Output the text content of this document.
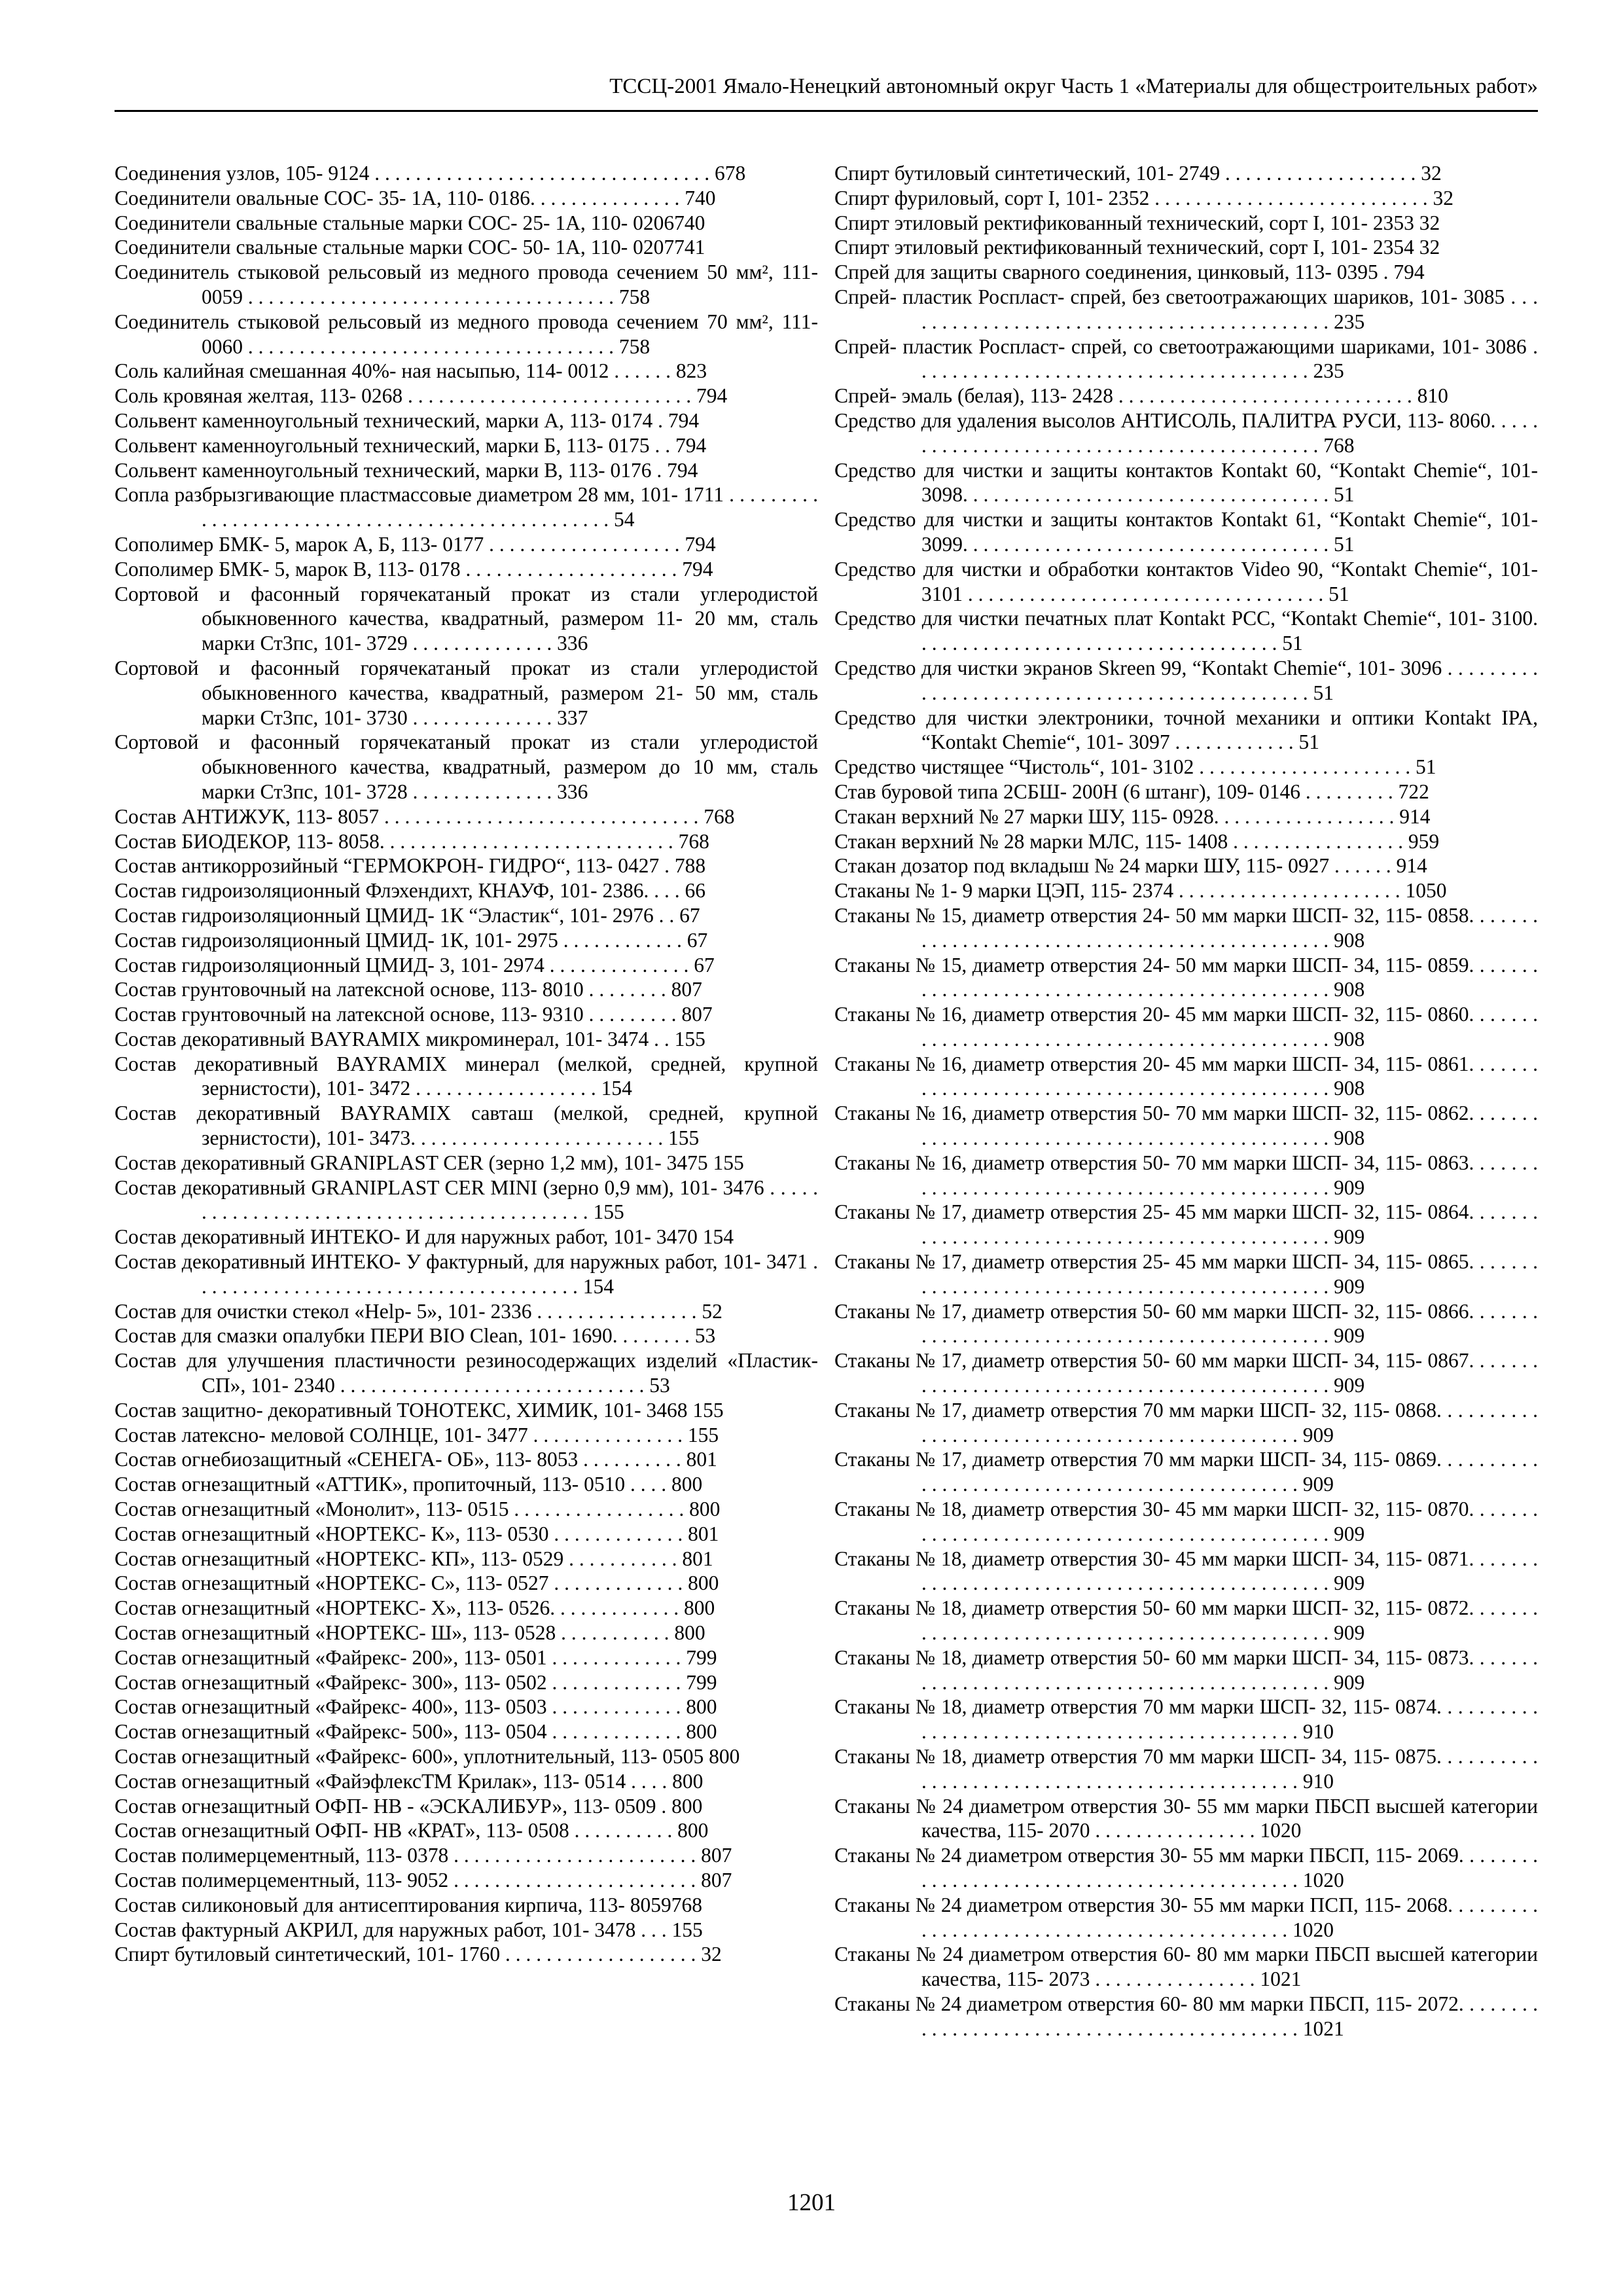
ТССЦ-2001 Ямало-Ненецкий автономный округ Часть 1 «Материалы для общестроительных работ»
Соединения узлов, 105- 9124 . . . . . . . . . . . . . . . . . . . . . . . . . . . . . . . . . 678
Соединители овальные СОС- 35- 1А, 110- 0186. . . . . . . . . . . . . . . 740
Соединители свальные стальные марки СОС- 25- 1А, 110- 0206740
Соединители свальные стальные марки СОС- 50- 1А, 110- 0207741
Соединитель стыковой рельсовый из медного провода сечением 50 мм², 111- 0059 . . . . . . . . . . . . . . . . . . . . . . . . . . . . . . . . . . . . 758
Соединитель стыковой рельсовый из медного провода сечением 70 мм², 111- 0060 . . . . . . . . . . . . . . . . . . . . . . . . . . . . . . . . . . . . 758
Соль калийная смешанная 40%- ная насыпью, 114- 0012 . . . . . . 823
Соль кровяная желтая, 113- 0268 . . . . . . . . . . . . . . . . . . . . . . . . . . . . 794
Сольвент каменноугольный технический, марки А, 113- 0174 . 794
Сольвент каменноугольный технический, марки Б, 113- 0175 . . 794
Сольвент каменноугольный технический, марки В, 113- 0176 . 794
Сопла разбрызгивающие пластмассовые диаметром 28 мм, 101- 1711 . . . . . . . . . . . . . . . . . . . . . . . . . . . . . . . . . . . . . . . . . . . . . . . . . 54
Сополимер БМК- 5, марок А, Б, 113- 0177 . . . . . . . . . . . . . . . . . . . 794
Сополимер БМК- 5, марок В, 113- 0178 . . . . . . . . . . . . . . . . . . . . . 794
Сортовой и фасонный горячекатаный прокат из стали углеродистой обыкновенного качества, квадратный, размером 11- 20 мм, сталь марки Ст3пс, 101- 3729 . . . . . . . . . . . . . . 336
Сортовой и фасонный горячекатаный прокат из стали углеродистой обыкновенного качества, квадратный, размером 21- 50 мм, сталь марки Ст3пс, 101- 3730 . . . . . . . . . . . . . . 337
Сортовой и фасонный горячекатаный прокат из стали углеродистой обыкновенного качества, квадратный, размером до 10 мм, сталь марки Ст3пс, 101- 3728 . . . . . . . . . . . . . . 336
Состав АНТИЖУК, 113- 8057 . . . . . . . . . . . . . . . . . . . . . . . . . . . . . . . 768
Состав БИОДЕКОР, 113- 8058. . . . . . . . . . . . . . . . . . . . . . . . . . . . . 768
Состав антикоррозийный “ГЕРМОКРОН- ГИДРО“, 113- 0427 . 788
Состав гидроизоляционный Флэхендихт, КНАУФ, 101- 2386. . . . 66
Состав гидроизоляционный ЦМИД- 1К “Эластик“, 101- 2976 . . 67
Состав гидроизоляционный ЦМИД- 1К, 101- 2975 . . . . . . . . . . . . 67
Состав гидроизоляционный ЦМИД- 3, 101- 2974 . . . . . . . . . . . . . . 67
Состав грунтовочный на латексной основе, 113- 8010 . . . . . . . . 807
Состав грунтовочный на латексной основе, 113- 9310 . . . . . . . . . 807
Состав декоративный BAYRAMIX микроминерал, 101- 3474 . . 155
Состав декоративный BAYRAMIX минерал (мелкой, средней, крупной зернистости), 101- 3472 . . . . . . . . . . . . . . . . . . 154
Состав декоративный BAYRAMIX савташ (мелкой, средней, крупной зернистости), 101- 3473. . . . . . . . . . . . . . . . . . . . . . . . . 155
Состав декоративный GRANIPLAST CER (зерно 1,2 мм), 101- 3475 155
Состав декоративный GRANIPLAST CER MINI (зерно 0,9 мм), 101- 3476 . . . . . . . . . . . . . . . . . . . . . . . . . . . . . . . . . . . . . . . . . . . 155
Состав декоративный ИНТЕКО- И для наружных работ, 101- 3470 154
Состав декоративный ИНТЕКО- У фактурный, для наружных работ, 101- 3471 . . . . . . . . . . . . . . . . . . . . . . . . . . . . . . . . . . . . . . 154
Состав для очистки стекол «Help- 5», 101- 2336 . . . . . . . . . . . . . . . . 52
Состав для смазки опалубки ПЕРИ BIO Clean, 101- 1690. . . . . . . . 53
Состав для улучшения пластичности резиносодержащих изделий «Пластик- СП», 101- 2340 . . . . . . . . . . . . . . . . . . . . . . . . . . . . . . 53
Состав защитно- декоративный ТОНОТЕКС, ХИМИК, 101- 3468 155
Состав латексно- меловой СОЛНЦЕ, 101- 3477 . . . . . . . . . . . . . . . 155
Состав огнебиозащитный «СЕНЕГА- ОБ», 113- 8053 . . . . . . . . . . 801
Состав огнезащитный «АТТИК», пропиточный, 113- 0510 . . . . 800
Состав огнезащитный «Монолит», 113- 0515 . . . . . . . . . . . . . . . . . 800
Состав огнезащитный «НОРТЕКС- К», 113- 0530 . . . . . . . . . . . . . 801
Состав огнезащитный «НОРТЕКС- КП», 113- 0529 . . . . . . . . . . . 801
Состав огнезащитный «НОРТЕКС- С», 113- 0527 . . . . . . . . . . . . . 800
Состав огнезащитный «НОРТЕКС- Х», 113- 0526. . . . . . . . . . . . . 800
Состав огнезащитный «НОРТЕКС- Ш», 113- 0528 . . . . . . . . . . . 800
Состав огнезащитный «Файрекс- 200», 113- 0501 . . . . . . . . . . . . . 799
Состав огнезащитный «Файрекс- 300», 113- 0502 . . . . . . . . . . . . . 799
Состав огнезащитный «Файрекс- 400», 113- 0503 . . . . . . . . . . . . . 800
Состав огнезащитный «Файрекс- 500», 113- 0504 . . . . . . . . . . . . . 800
Состав огнезащитный «Файрекс- 600», уплотнительный, 113- 0505 800
Состав огнезащитный «ФайэфлексТМ Крилак», 113- 0514 . . . . 800
Состав огнезащитный ОФП- НВ - «ЭСКАЛИБУР», 113- 0509 . 800
Состав огнезащитный ОФП- НВ «КРАТ», 113- 0508 . . . . . . . . . . 800
Состав полимерцементный, 113- 0378 . . . . . . . . . . . . . . . . . . . . . . . . 807
Состав полимерцементный, 113- 9052 . . . . . . . . . . . . . . . . . . . . . . . . 807
Состав силиконовый для антисептирования кирпича, 113- 8059768
Состав фактурный АКРИЛ, для наружных работ, 101- 3478 . . . 155
Спирт бутиловый синтетический, 101- 1760 . . . . . . . . . . . . . . . . . . . 32
Спирт бутиловый синтетический, 101- 2749 . . . . . . . . . . . . . . . . . . . 32
Спирт фуриловый, сорт I, 101- 2352 . . . . . . . . . . . . . . . . . . . . . . . . . . . 32
Спирт этиловый ректификованный технический, сорт I, 101- 2353 32
Спирт этиловый ректификованный технический, сорт I, 101- 2354 32
Спрей для защиты сварного соединения, цинковый, 113- 0395 . 794
Спрей- пластик Роспласт- спрей, без светоотражающих шариков, 101- 3085 . . . . . . . . . . . . . . . . . . . . . . . . . . . . . . . . . . . . . . . . . . . 235
Спрей- пластик Роспласт- спрей, со светоотражающими шариками, 101- 3086 . . . . . . . . . . . . . . . . . . . . . . . . . . . . . . . . . . . . . . . 235
Спрей- эмаль (белая), 113- 2428 . . . . . . . . . . . . . . . . . . . . . . . . . . . . . 810
Средство для удаления высолов АНТИСОЛЬ, ПАЛИТРА РУСИ, 113- 8060. . . . . . . . . . . . . . . . . . . . . . . . . . . . . . . . . . . . . . . . . . . . 768
Средство для чистки и защиты контактов Kontakt 60, “Kontakt Chemie“, 101- 3098. . . . . . . . . . . . . . . . . . . . . . . . . . . . . . . . . . . . 51
Средство для чистки и защиты контактов Kontakt 61, “Kontakt Chemie“, 101- 3099. . . . . . . . . . . . . . . . . . . . . . . . . . . . . . . . . . . . 51
Средство для чистки и обработки контактов Video 90, “Kontakt Chemie“, 101- 3101 . . . . . . . . . . . . . . . . . . . . . . . . . . . . . . . . . . . 51
Средство для чистки печатных плат Kontakt PCC, “Kontakt Chemie“, 101- 3100. . . . . . . . . . . . . . . . . . . . . . . . . . . . . . . . . . . . 51
Средство для чистки экранов Skreen 99, “Kontakt Chemie“, 101- 3096 . . . . . . . . . . . . . . . . . . . . . . . . . . . . . . . . . . . . . . . . . . . . . . . 51
Средство для чистки электроники, точной механики и оптики Kontakt IPA, “Kontakt Chemie“, 101- 3097 . . . . . . . . . . . . 51
Средство чистящее “Чистоль“, 101- 3102 . . . . . . . . . . . . . . . . . . . . . 51
Став буровой типа 2СБШ- 200Н (6 штанг), 109- 0146 . . . . . . . . . 722
Стакан верхний № 27 марки ШУ, 115- 0928. . . . . . . . . . . . . . . . . . 914
Стакан верхний № 28 марки МЛС, 115- 1408 . . . . . . . . . . . . . . . . . 959
Стакан дозатор под вкладыш № 24 марки ШУ, 115- 0927 . . . . . . 914
Стаканы № 1- 9 марки ЦЭП, 115- 2374 . . . . . . . . . . . . . . . . . . . . . . 1050
Стаканы № 15, диаметр отверстия 24- 50 мм марки ШСП- 32, 115- 0858. . . . . . . . . . . . . . . . . . . . . . . . . . . . . . . . . . . . . . . . . . . . . . . 908
Стаканы № 15, диаметр отверстия 24- 50 мм марки ШСП- 34, 115- 0859. . . . . . . . . . . . . . . . . . . . . . . . . . . . . . . . . . . . . . . . . . . . . . . 908
Стаканы № 16, диаметр отверстия 20- 45 мм марки ШСП- 32, 115- 0860. . . . . . . . . . . . . . . . . . . . . . . . . . . . . . . . . . . . . . . . . . . . . . . 908
Стаканы № 16, диаметр отверстия 20- 45 мм марки ШСП- 34, 115- 0861. . . . . . . . . . . . . . . . . . . . . . . . . . . . . . . . . . . . . . . . . . . . . . . 908
Стаканы № 16, диаметр отверстия 50- 70 мм марки ШСП- 32, 115- 0862. . . . . . . . . . . . . . . . . . . . . . . . . . . . . . . . . . . . . . . . . . . . . . . 908
Стаканы № 16, диаметр отверстия 50- 70 мм марки ШСП- 34, 115- 0863. . . . . . . . . . . . . . . . . . . . . . . . . . . . . . . . . . . . . . . . . . . . . . . 909
Стаканы № 17, диаметр отверстия 25- 45 мм марки ШСП- 32, 115- 0864. . . . . . . . . . . . . . . . . . . . . . . . . . . . . . . . . . . . . . . . . . . . . . . 909
Стаканы № 17, диаметр отверстия 25- 45 мм марки ШСП- 34, 115- 0865. . . . . . . . . . . . . . . . . . . . . . . . . . . . . . . . . . . . . . . . . . . . . . . 909
Стаканы № 17, диаметр отверстия 50- 60 мм марки ШСП- 32, 115- 0866. . . . . . . . . . . . . . . . . . . . . . . . . . . . . . . . . . . . . . . . . . . . . . . 909
Стаканы № 17, диаметр отверстия 50- 60 мм марки ШСП- 34, 115- 0867. . . . . . . . . . . . . . . . . . . . . . . . . . . . . . . . . . . . . . . . . . . . . . . 909
Стаканы № 17, диаметр отверстия 70 мм марки ШСП- 32, 115- 0868. . . . . . . . . . . . . . . . . . . . . . . . . . . . . . . . . . . . . . . . . . . . . . . 909
Стаканы № 17, диаметр отверстия 70 мм марки ШСП- 34, 115- 0869. . . . . . . . . . . . . . . . . . . . . . . . . . . . . . . . . . . . . . . . . . . . . . . 909
Стаканы № 18, диаметр отверстия 30- 45 мм марки ШСП- 32, 115- 0870. . . . . . . . . . . . . . . . . . . . . . . . . . . . . . . . . . . . . . . . . . . . . . . 909
Стаканы № 18, диаметр отверстия 30- 45 мм марки ШСП- 34, 115- 0871. . . . . . . . . . . . . . . . . . . . . . . . . . . . . . . . . . . . . . . . . . . . . . . 909
Стаканы № 18, диаметр отверстия 50- 60 мм марки ШСП- 32, 115- 0872. . . . . . . . . . . . . . . . . . . . . . . . . . . . . . . . . . . . . . . . . . . . . . . 909
Стаканы № 18, диаметр отверстия 50- 60 мм марки ШСП- 34, 115- 0873. . . . . . . . . . . . . . . . . . . . . . . . . . . . . . . . . . . . . . . . . . . . . . . 909
Стаканы № 18, диаметр отверстия 70 мм марки ШСП- 32, 115- 0874. . . . . . . . . . . . . . . . . . . . . . . . . . . . . . . . . . . . . . . . . . . . . . . 910
Стаканы № 18, диаметр отверстия 70 мм марки ШСП- 34, 115- 0875. . . . . . . . . . . . . . . . . . . . . . . . . . . . . . . . . . . . . . . . . . . . . . . 910
Стаканы № 24 диаметром отверстия 30- 55 мм марки ПБСП высшей категории качества, 115- 2070 . . . . . . . . . . . . . . . . 1020
Стаканы № 24 диаметром отверстия 30- 55 мм марки ПБСП, 115- 2069. . . . . . . . . . . . . . . . . . . . . . . . . . . . . . . . . . . . . . . . . . . . . 1020
Стаканы № 24 диаметром отверстия 30- 55 мм марки ПСП, 115- 2068. . . . . . . . . . . . . . . . . . . . . . . . . . . . . . . . . . . . . . . . . . . . . 1020
Стаканы № 24 диаметром отверстия 60- 80 мм марки ПБСП высшей категории качества, 115- 2073 . . . . . . . . . . . . . . . . 1021
Стаканы № 24 диаметром отверстия 60- 80 мм марки ПБСП, 115- 2072. . . . . . . . . . . . . . . . . . . . . . . . . . . . . . . . . . . . . . . . . . . . . 1021
1201
